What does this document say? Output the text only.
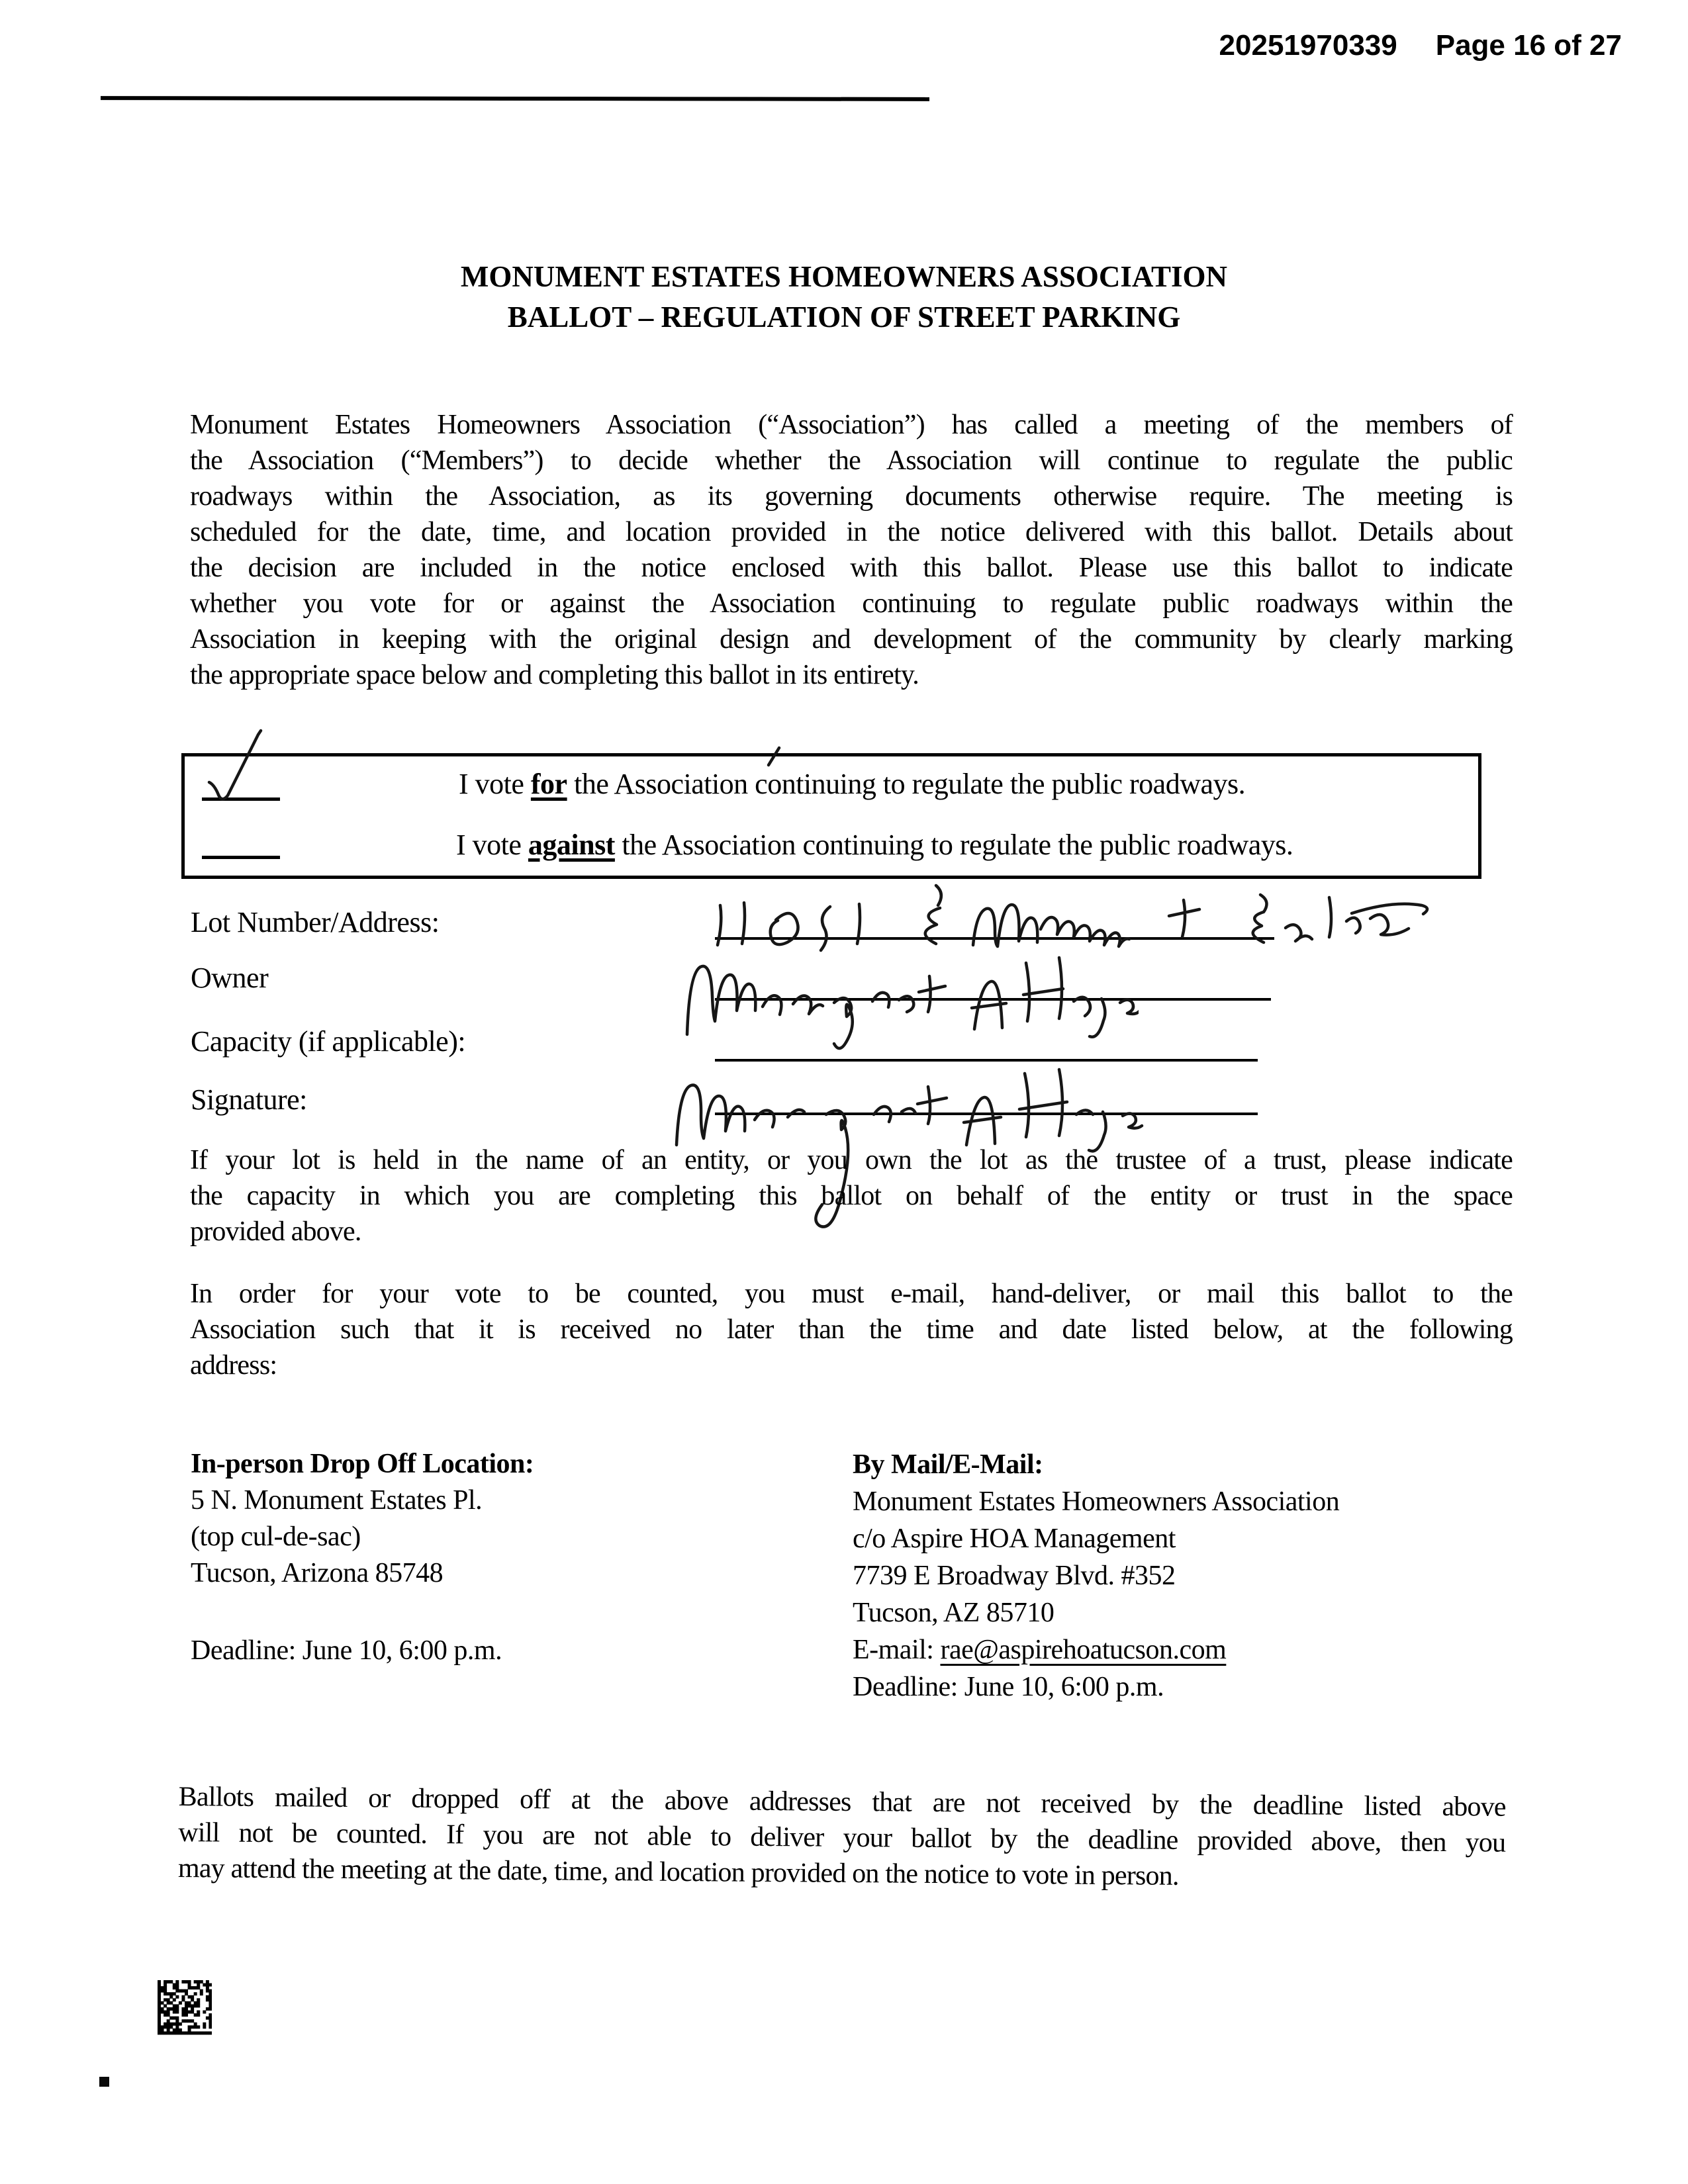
20251970339 Page 16 of 27
MONUMENT ESTATES HOMEOWNERS ASSOCIATION
BALLOT – REGULATION OF STREET PARKING
Monument Estates Homeowners Association (“Association”) has called a meeting of the members of
the Association (“Members”) to decide whether the Association will continue to regulate the public
roadways within the Association, as its governing documents otherwise require. The meeting is
scheduled for the date, time, and location provided in the notice delivered with this ballot. Details about
the decision are included in the notice enclosed with this ballot. Please use this ballot to indicate
whether you vote for or against the Association continuing to regulate public roadways within the
Association in keeping with the original design and development of the community by clearly marking
the appropriate space below and completing this ballot in its entirety.
I vote for the Association continuing to regulate the public roadways.
I vote against the Association continuing to regulate the public roadways.
Lot Number/Address:
Owner
Capacity (if applicable):
Signature:
If your lot is held in the name of an entity, or you own the lot as the trustee of a trust, please indicate
the capacity in which you are completing this ballot on behalf of the entity or trust in the space
provided above.
In order for your vote to be counted, you must e-mail, hand-deliver, or mail this ballot to the
Association such that it is received no later than the time and date listed below, at the following
address:
In-person Drop Off Location:
5 N. Monument Estates Pl.
(top cul-de-sac)
Tucson, Arizona 85748
Deadline: June 10, 6:00 p.m.
By Mail/E-Mail:
Monument Estates Homeowners Association
c/o Aspire HOA Management
7739 E Broadway Blvd. #352
Tucson, AZ 85710
E-mail: rae@aspirehoatucson.com
Deadline: June 10, 6:00 p.m.
Ballots mailed or dropped off at the above addresses that are not received by the deadline listed above
will not be counted. If you are not able to deliver your ballot by the deadline provided above, then you
may attend the meeting at the date, time, and location provided on the notice to vote in person.
